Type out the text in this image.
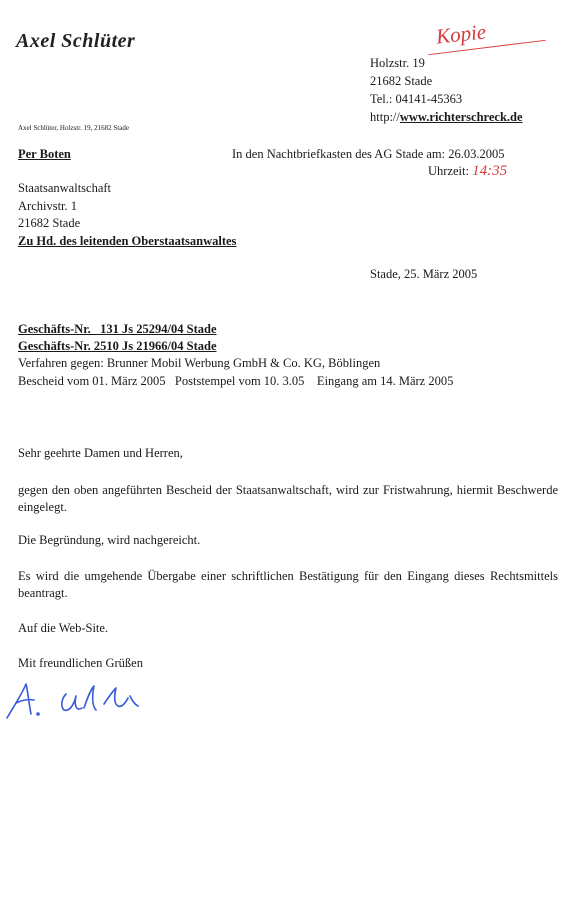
Axel Schlüter	Kopie
Holzstr. 19
21682 Stade
Tel.: 04141-45363
http://www.richterschreck.de
Axel Schlüter, Holzstr. 19, 21682 Stade
Per Boten	In den Nachtbriefkasten des AG Stade am: 26.03.2005
Uhrzeit: 14:35
Staatsanwaltschaft
Archivstr. 1
21682 Stade
Zu Hd. des leitenden Oberstaatsanwaltes
Stade, 25. März 2005
Geschäfts-Nr.   131 Js 25294/04 Stade
Geschäfts-Nr. 2510 Js 21966/04 Stade
Verfahren gegen: Brunner Mobil Werbung GmbH & Co. KG, Böblingen
Bescheid vom 01. März 2005   Poststempel vom 10. 3.05    Eingang am 14. März 2005
Sehr geehrte Damen und Herren,
gegen den oben angeführten Bescheid der Staatsanwaltschaft, wird zur Fristwahrung, hiermit Beschwerde eingelegt.
Die Begründung, wird nachgereicht.
Es wird die umgehende Übergabe einer schriftlichen Bestätigung für den Eingang dieses Rechtsmittels beantragt.
Auf die Web-Site.
Mit freundlichen Grüßen
